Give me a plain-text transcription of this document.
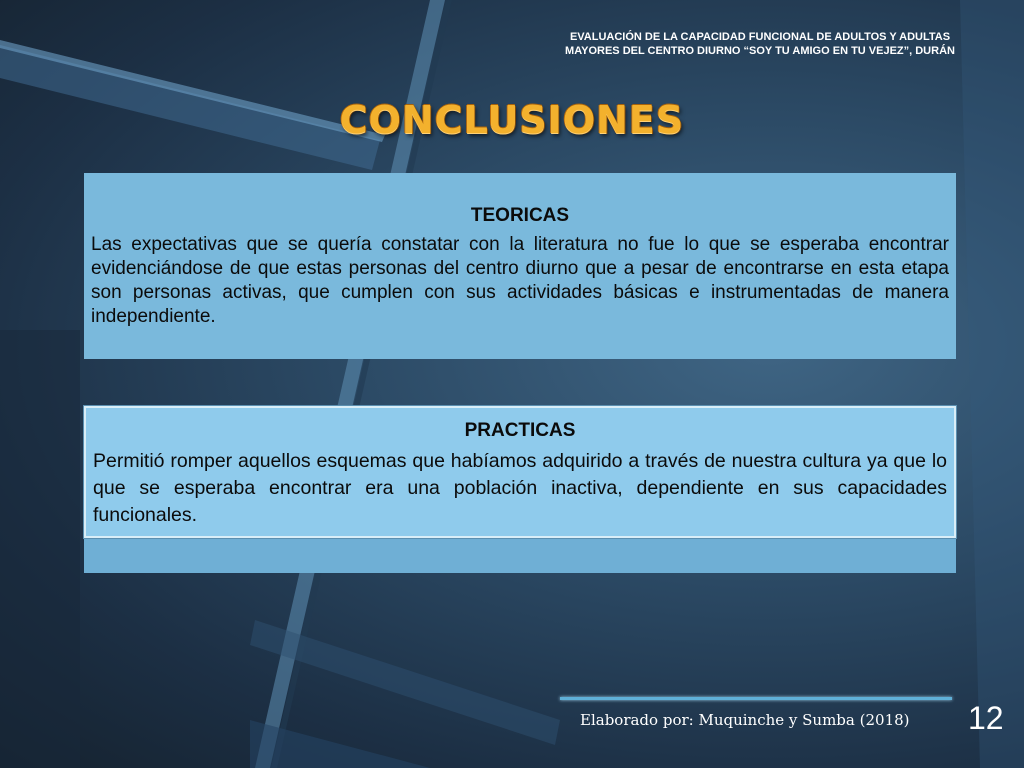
EVALUACIÓN DE LA CAPACIDAD FUNCIONAL DE ADULTOS Y ADULTAS
MAYORES DEL CENTRO DIURNO “SOY TU AMIGO EN TU VEJEZ”, DURÁN
CONCLUSIONES
TEORICAS
Las expectativas que se quería constatar con la literatura no fue lo que se esperaba encontrar evidenciándose de que estas personas del centro diurno que a pesar de encontrarse en esta etapa son personas activas, que cumplen con sus actividades básicas e instrumentadas de manera independiente.
PRACTICAS
Permitió romper aquellos esquemas que habíamos adquirido a través de nuestra cultura ya que lo que se esperaba encontrar era una población inactiva, dependiente en sus capacidades funcionales.
Elaborado por: Muquinche y Sumba (2018) 12
